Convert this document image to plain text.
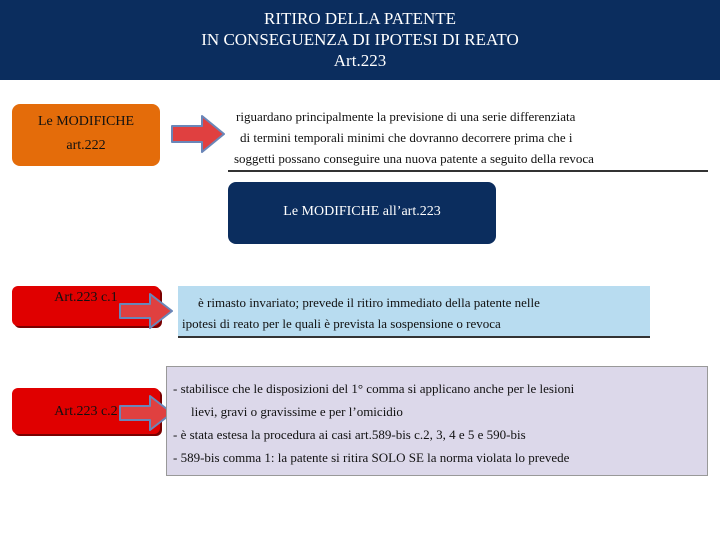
RITIRO DELLA PATENTE
IN CONSEGUENZA DI IPOTESI DI REATO
Art.223
Le MODIFICHE
art.222
riguardano principalmente la previsione di una serie differenziata
di termini temporali minimi che dovranno decorrere prima che i
soggetti possano conseguire una nuova patente a seguito della revoca
Le MODIFICHE all’art.223
Art.223 c.1	è rimasto invariato; prevede il ritiro immediato della patente nelle
ipotesi di reato per le quali è prevista la sospensione o revoca
Art.223 c.2
- stabilisce che le disposizioni del 1° comma si applicano anche per le lesioni
lievi, gravi o gravissime e per l’omicidio
- è stata estesa la procedura ai casi art.589-bis c.2, 3, 4 e 5 e 590-bis
- 589-bis comma 1: la patente si ritira SOLO SE la norma violata lo prevede
